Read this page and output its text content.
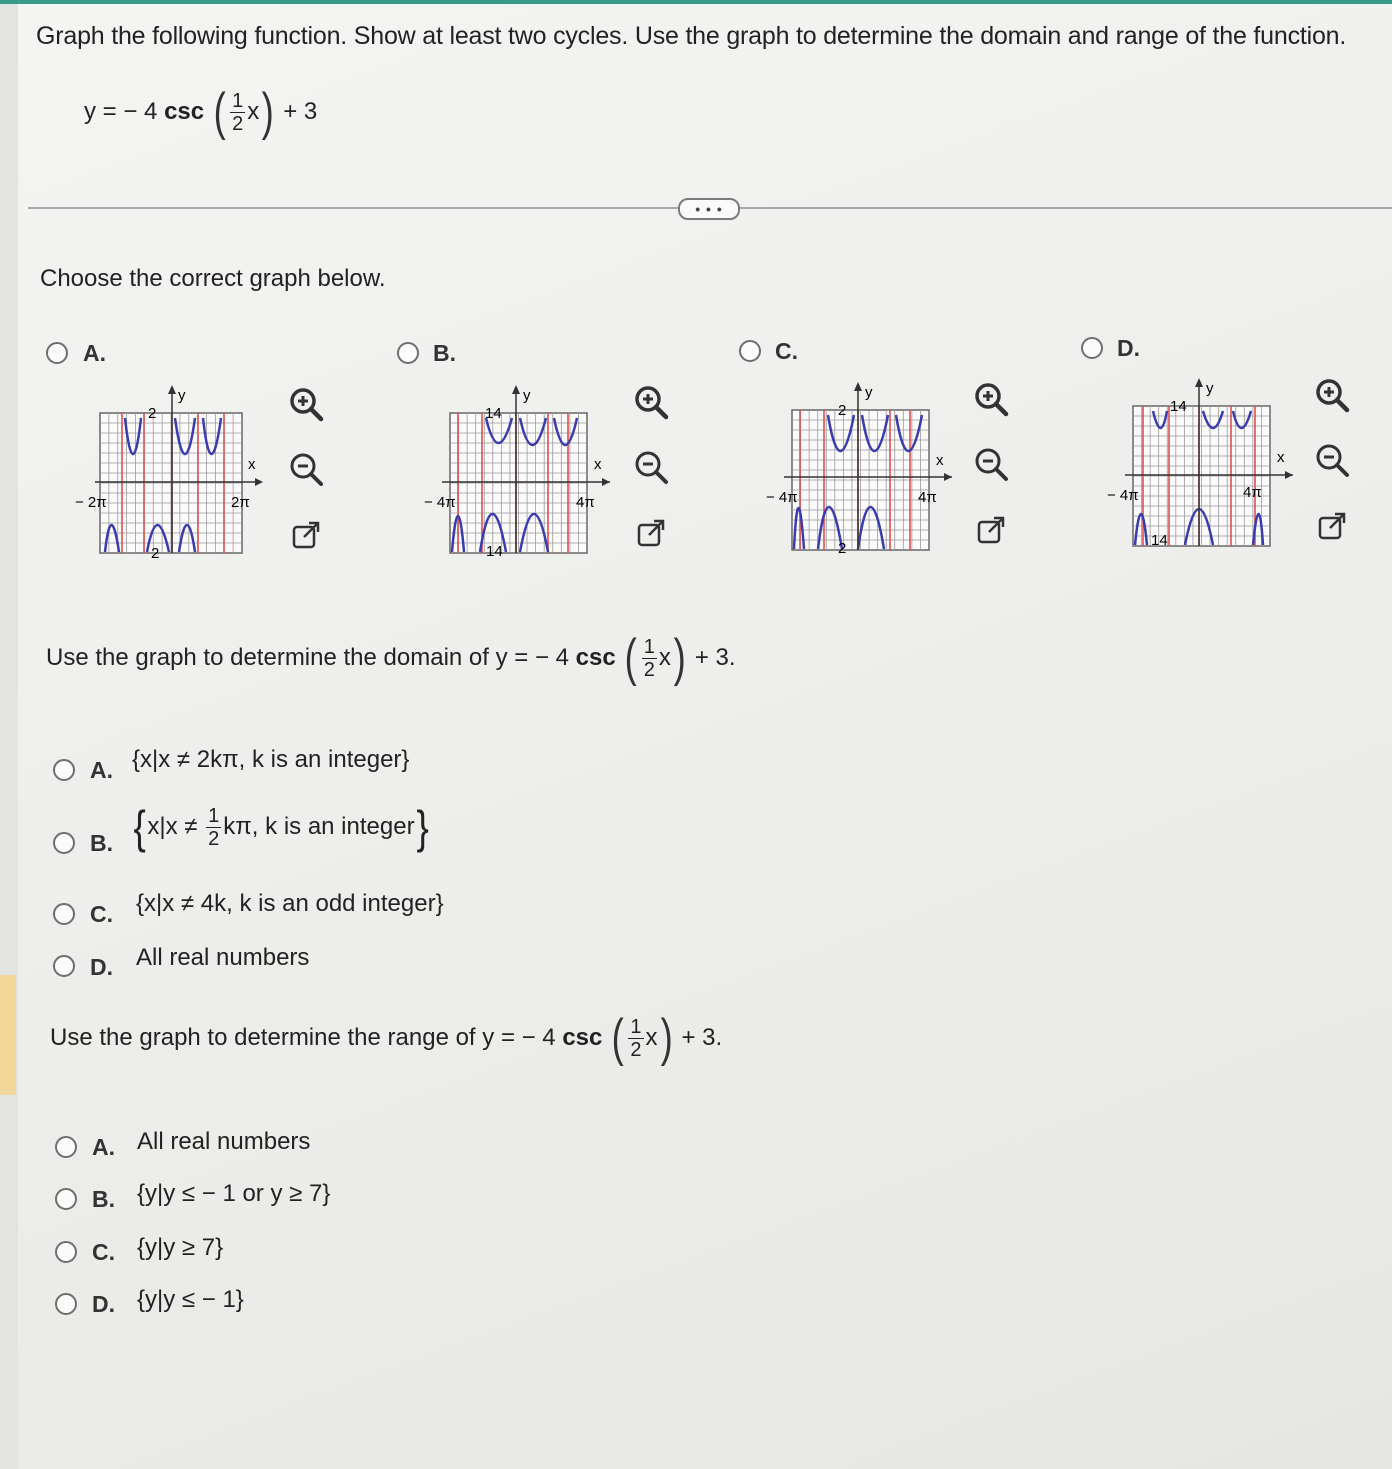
Graph the following function. Show at least two cycles. Use the graph to determine the domain and range of the function.
y = − 4
csc
( $\frac{1}{2}$ x )
+ 3
• • •
Choose the correct graph below.
A.	B.	C.	D.
y
x
2
2
− 2π	2π
y
x
14
14
− 4π	4π
y
x
2
2
− 4π	4π
y
x
14
14
− 4π	4π
Use the graph to determine the domain of y = − 4
csc
( $\frac{1}{2}$ x )
+ 3.
A. {x|x ≠ 2kπ, k is an integer}
B. { x|x ≠
$\frac{1}{2} k\pi$, k is an integer }
C. {x|x ≠ 4k, k is an odd integer}
D. All real numbers
Use the graph to determine the range of y = − 4
csc
( $\frac{1}{2}$ x )
+ 3.
A. All real numbers
B. {y|y ≤ − 1 or y ≥ 7}
C. {y|y ≥ 7}
D. {y|y ≤ − 1}
